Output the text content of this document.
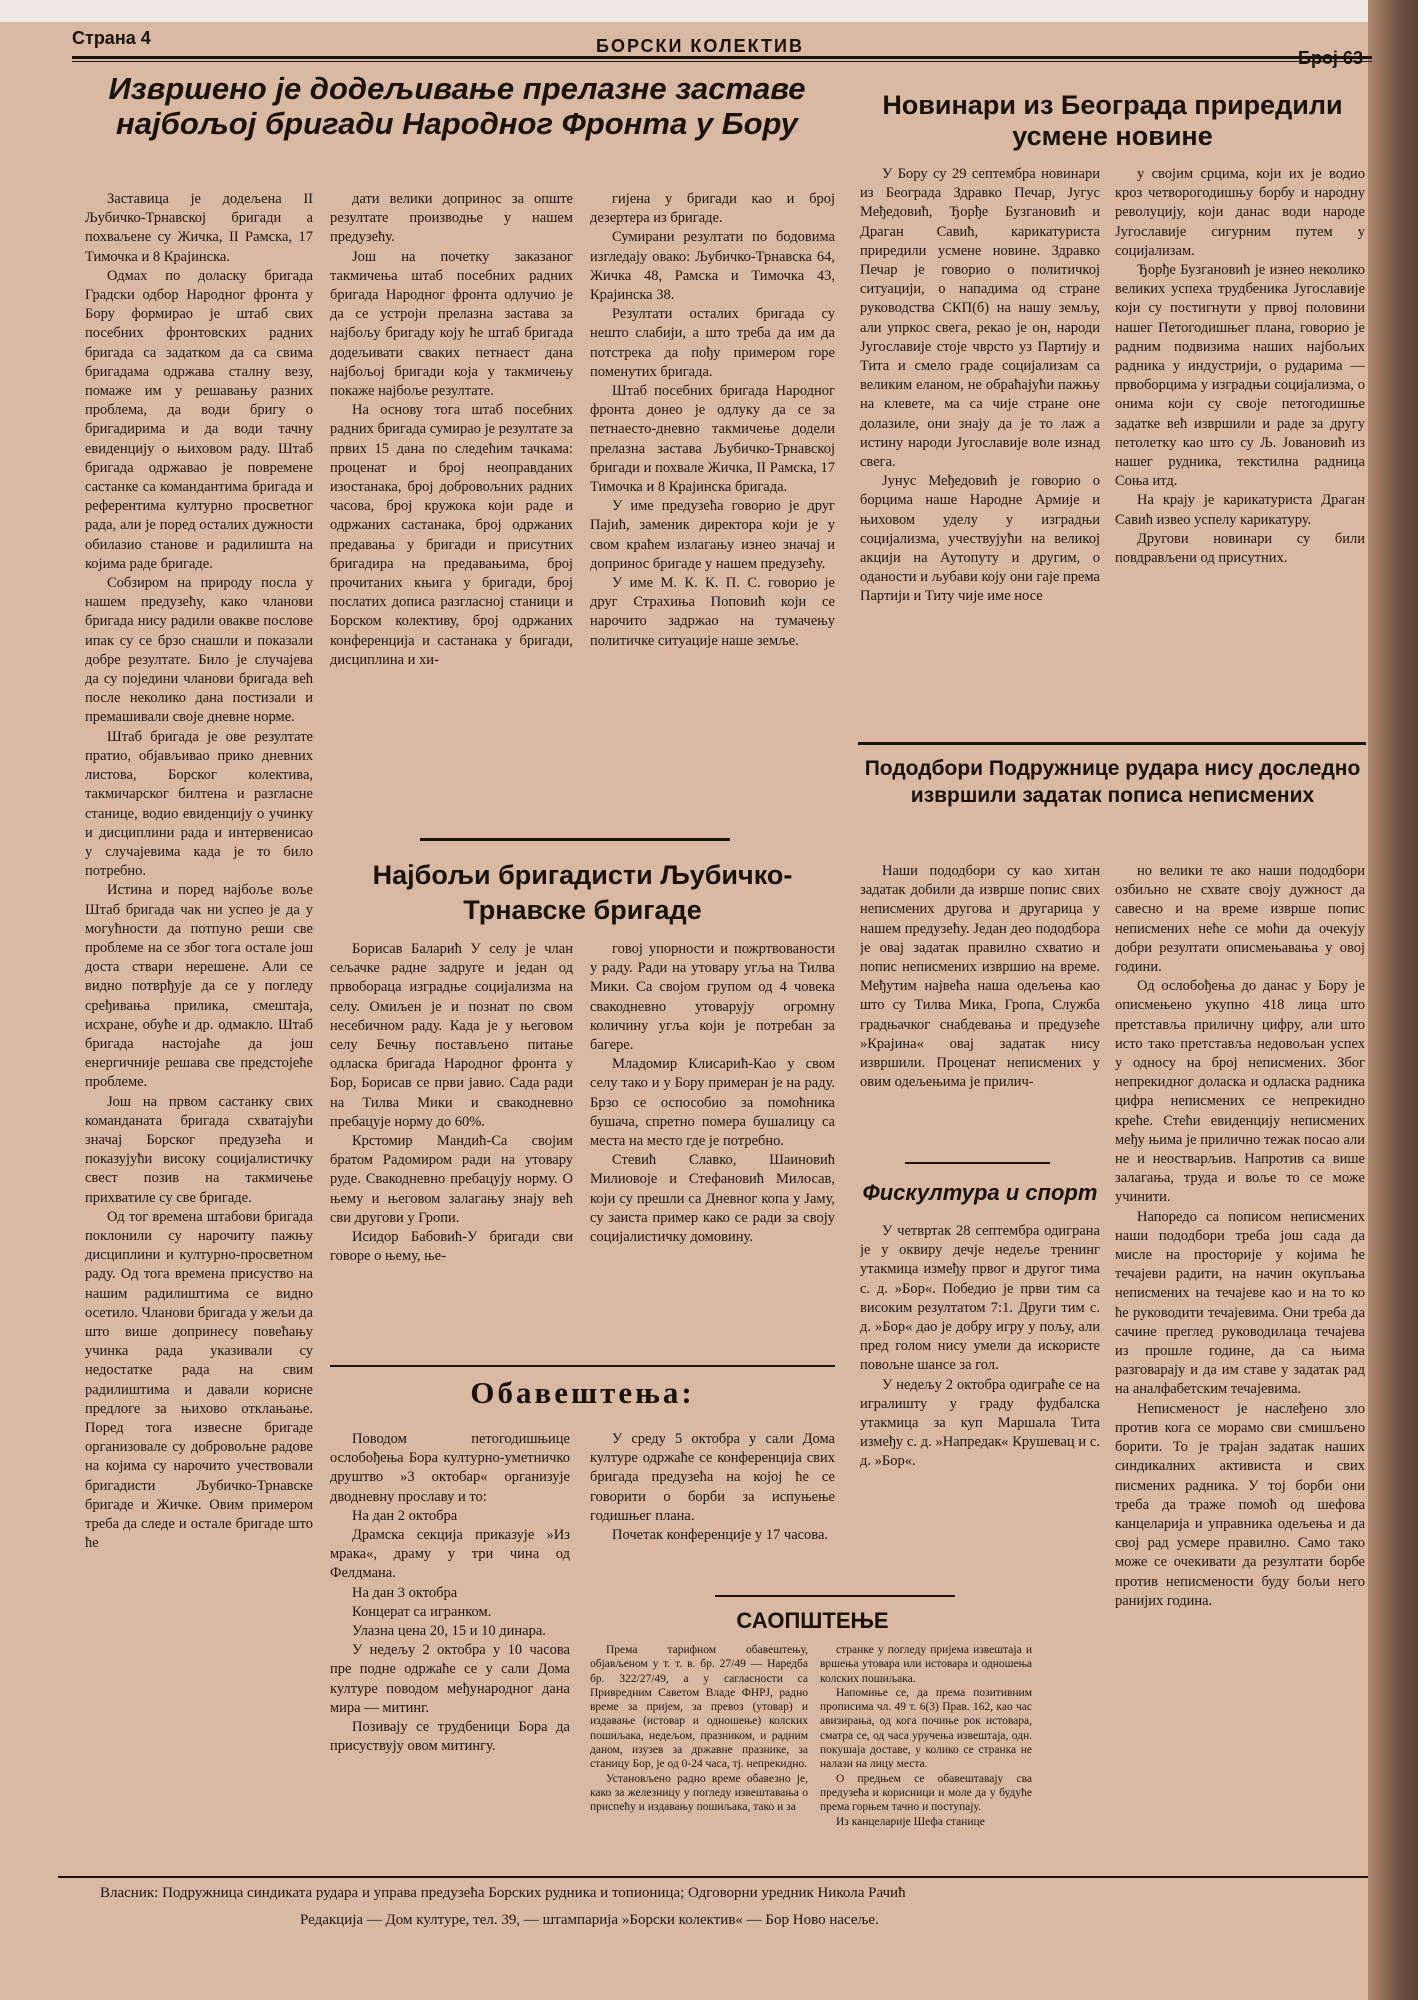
Страна 4	БОРСКИ КОЛЕКТИВ
Извршено је додељивање прелазне заставе најбољој бригади Народног Фронта у Бору

Заставица је додељена II Љубичко-Трнавској бригади а похваљене су Жичка, II Рамска, 17 Тимочка и 8 Крајинска.

Одмах по доласку бригада Градски одбор Народног фронта у Бору формирао је штаб свих посебних фронтовских радних бригада са задатком да са свима бригадама одржава сталну везу, помаже им у решавању разних проблема, да води бригу о бригадирима и да води тачну евиденцију о њиховом раду. Штаб бригада одржавао је повремене састанке са командантима бригада и референтима културно просветног рада, али је поред осталих дужности обилазио станове и радилишта на којима раде бригаде.

Собзиром на природу посла у нашем предузећу, како чланови бригада нису радили овакве послове ипак су се брзо снашли и показали добре резултате. Било је случајева да су поједини чланови бригада већ после неколико дана постизали и премашивали своје дневне норме.

Штаб бригада је ове резултате пратио, објављивао прико дневних листова, Борског колектива, такмичарског билтена и разгласне станице, водио евиденцију о учинку и дисциплини рада и интервенисао у случајевима када је то било потребно.

Истина и поред најбоље воље Штаб бригада чак ни успео је да у могућности да потпуно реши све проблеме на се због тога остале још доста ствари нерешене. Али се видно потврђује да се у погледу сређивања прилика, смештаја, исхране, обуће и др. одмакло. Штаб бригада настојаће да још енергичније решава све предстојеће проблеме.

Још на првом састанку свих команданата бригада схватајући значај Борског предузећа и показујући високу социјалистичку свест позив на такмичење прихватиле су све бригаде.

Од тог времена штабови бригада поклонили су нарочиту пажњу дисциплини и културно-просветном раду. Од тога времена присуство на нашим радилиштима се видно осетило. Чланови бригада у жељи да што више допринесу повећању учинка рада указивали су недостатке рада на свим радилиштима и давали корисне предлоге за њихово отклањање. Поред тога извесне бригаде организовале су добровољне радове на којима су нарочито учествовали бригадисти Љубичко-Трнавске бригаде и Жичке. Овим примером треба да следе и остале бригаде што ће

дати велики допринос за опште резултате производње у нашем предузећу.

Још на почетку заказаног такмичења штаб посебних радних бригада Народног фронта одлучио је да се устроји прелазна застава за најбољу бригаду коју ће штаб бригада додељивати сваких петнаест дана најбољој бригади која у такмичењу покаже најбоље резултате.

На основу тога штаб посебних радних бригада сумирао је резултате за првих 15 дана по следећим тачкама: проценат и број неоправданих изостанака, број добровољних радних часова, број кружока који раде и одржаних састанака, број одржаних предавања у бригади и присутних бригадира на предавањима, број прочитаних књига у бригади, број послатих дописа разгласној станици и Борском колективу, број одржаних конференција и састанака у бригади, дисциплина и хи-

гијена у бригади као и број дезертера из бригаде.

Сумирани резултати по бодовима изгледају овако: Љубичко-Трнавска 64, Жичка 48, Рамска и Тимочка 43, Крајинска 38.

Резултати осталих бригада су нешто слабији, а што треба да им да потстрека да пођу примером горе поменутих бригада.

Штаб посебних бригада Народног фронта донео је одлуку да се за петнаесто-дневно такмичење додели прелазна застава Љубичко-Трнавској бригади и похвале Жичка, II Рамска, 17 Тимочка и 8 Крајинска бригада.

У име предузећа говорио је друг Пајић, заменик директора који је у свом краћем излагању изнео значај и допринос бригаде у нашем предузећу.

У име М. К. К. П. С. говорио је друг Страхиња Поповић који се нарочито задржао на тумачењу политичке ситуације наше земље.

Најбољи бригадисти Љубичко-Трнавске бригаде

Борисав Баларић У селу је члан сељачке радне задруге и један од првобораца изградње социјализма на селу. Омиљен је и познат по свом несебичном раду. Када је у његовом селу Бечњу постављено питање одласка бригада Народног фронта у Бор, Борисав се први јавио. Сада ради на Тилва Мики и свакодневно пребацује норму до 60%.

Крстомир Мандић-Са својим братом Радомиром ради на утовару руде. Свакодневно пребацују норму. О њему и његовом залагању знају већ сви другови у Гропи.

Исидор Бабовић-У бригади сви говоре о њему, ње-

говој упорности и пожртвованости у раду. Ради на утовару угља на Тилва Мики. Са својом групом од 4 човека свакодневно утоварују огромну количину угља који је потребан за багере.

Младомир Клисарић-Као у свом селу тако и у Бору примеран је на раду. Брзо се оспособио за помоћника бушача, спретно помера бушалицу са места на место где је потребно.

Стевић Славко, Шаиновић Милиовоје и Стефановић Милосав, који су прешли са Дневног копа у Јаму, су заиста пример како се ради за своју социјалистичку домовину.

Обавештења:

Поводом петогодишњице ослобођења Бора културно-уметничко друштво »3 октобар« организује дводневну прославу и то:

На дан 2 октобра

Драмска секција приказује »Из мрака«, драму у три чина од Фелдмана.

На дан 3 октобра

Концерат са игранком.

Улазна цена 20, 15 и 10 динара.

У недељу 2 октобра у 10 часова пре подне одржаће се у сали Дома културе поводом међународног дана мира — митинг.

Позивају се трудбеници Бора да присуствују овом митингу.

У среду 5 октобра у сали Дома културе одржаће се конференција свих бригада предузећа на којој ће се говорити о борби за испуњење годишњег плана.

Почетак конференције у 17 часова.

САОПШТЕЊЕ

Према тарифном обавештењу, објављеном у т. т. в. бр. 27/49 — Наредба бр. 322/27/49, а у сагласности са Привредним Саветом Владе ФНРЈ, радно време за пријем, за превоз (утовар) и издавање (истовар и одношење) колских пошиљака, недељом, празником, и радним даном, изузев за државне празнике, за станицу Бор, је од 0-24 часа, тј. непрекидно.

Установљено радно време обавезно је, како за железницу у погледу извештавања о приспећу и издавању пошиљака, тако и за

странке у погледу пријема извештаја и вршења утовара или истовара и одношења колских пошиљака.

Напомиње се, да према позитивним прописима чл. 49 т. 6(3) Прав. 162, као час авизирања, од кога почиње рок истовара, сматра се, од часа уручења извештаја, одн. покушаја доставе, у колико се странка не налази на лицу места.

О предњем се обавештавају сва предузећа и корисници и моле да у будуће према горњем тачно и поступају.

Из канцеларије Шефа станице

Новинари из Београда приредили усмене новине

У Бору су 29 септембра новинари из Београда Здравко Печар, Југус Међедовић, Ђорђе Бузгановић и Драган Савић, карикатуриста приредили усмене новине. Здравко Печар је говорио о политичкој ситуацији, о нападима од стране руководства СКП(б) на нашу земљу, али упркос свега, рекао је он, народи Југославије стоје чврсто уз Партију и Тита и смело граде социјализам са великим еланом, не обраћајући пажњу на клевете, ма са чије стране оне долазиле, они знају да је то лаж а истину народи Југославије воле изнад свега.

Јунус Међедовић је говорио о борцима наше Народне Армије и њиховом уделу у изградњи социјализма, учествујући на великој акцији на Аутопуту и другим, о оданости и љубави коју они гаје према Партији и Титу чије име носе

у својим срцима, који их је водио кроз четворогодишњу борбу и народну револуцију, који данас води народе Југославије сигурним путем у социјализам.

Ђорђе Бузгановић је изнео неколико великих успеха трудбеника Југославије који су постигнути у првој половини нашег Петогодишњег плана, говорио је радним подвизима наших најбољих радника у индустрији, о рударима — првоборцима у изградњи социјализма, о онима који су своје петогодишње задатке већ извршили и раде за другу петолетку као што су Љ. Јовановић из нашег рудника, текстилна радница Соња итд.

На крају је карикатуриста Драган Савић извео успелу карикатуру.

Другови новинари су били повдрављени од присутних.

Пододбори Подружнице рудара нису доследно извршили задатак пописа неписмених

Наши пододбори су као хитан задатак добили да изврше попис свих неписмених другова и другарица у нашем предузећу. Један део пододбора је овај задатак правилно схватио и попис неписмених извршио на време. Међутим највећа наша одељења као што су Тилва Мика, Гропа, Служба градњачког снабдевања и предузеће »Крајина« овај задатак нису извршили. Проценат неписмених у овим одељењима је прилич-

но велики те ако наши пододбори озбиљно не схвате своју дужност да савесно и на време изврше попис неписмених неће се моћи да очекују добри резултати описмењавања у овој години.

Од ослобођења до данас у Бору је описмењено укупно 418 лица што претставља приличну цифру, али што исто тако претставља недовољан успех у односу на број неписмених. Због непрекидног доласка и одласка радника цифра неписмених се непрекидно креће. Стећи евиденцију неписмених међу њима је прилично тежак посао али не и неостварљив. Напротив са више залагања, труда и воље то се може учинити.

Напоредо са пописом неписмених наши пододбори треба још сада да мисле на просторије у којима ће течајеви радити, на начин окупљања неписмених на течајеве као и на то ко ће руководити течајевима. Они треба да сачине преглед руководилаца течајева из прошле године, да са њима разговарају и да им ставе у задатак рад на аналфабетским течајевима.

Неписменост је наслеђено зло против кога се морамо сви смишљено борити. То је трајан задатак наших синдикалних активиста и свих писмених радника. У тој борби они треба да траже помоћ од шефова канцеларија и управника одељења и да свој рад усмере правилно. Само тако може се очекивати да резултати борбе против неписмености буду бољи него ранијих година.

Фискултура и спорт

У четвртак 28 септембра одиграна је у оквиру дечје недеље тренинг утакмица између првог и другог тима с. д. »Бор«. Победио је први тим са високим резултатом 7:1. Други тим с. д. »Бор« дао је добру игру у пољу, али пред голом нису умели да искористе повољне шансе за гол.

У недељу 2 октобра одиграће се на игралишту у граду фудбалска утакмица за куп Маршала Тита између с. д. »Напредак« Крушевац и с. д. »Бор«.

Власник: Подружница синдиката рудара и управа предузећа Борских рудника и топионица; Одговорни уредник Никола Рачић
Редакција — Дом културе, тел. 39, — штампарија »Борски колектив« — Бор Ново насеље.
